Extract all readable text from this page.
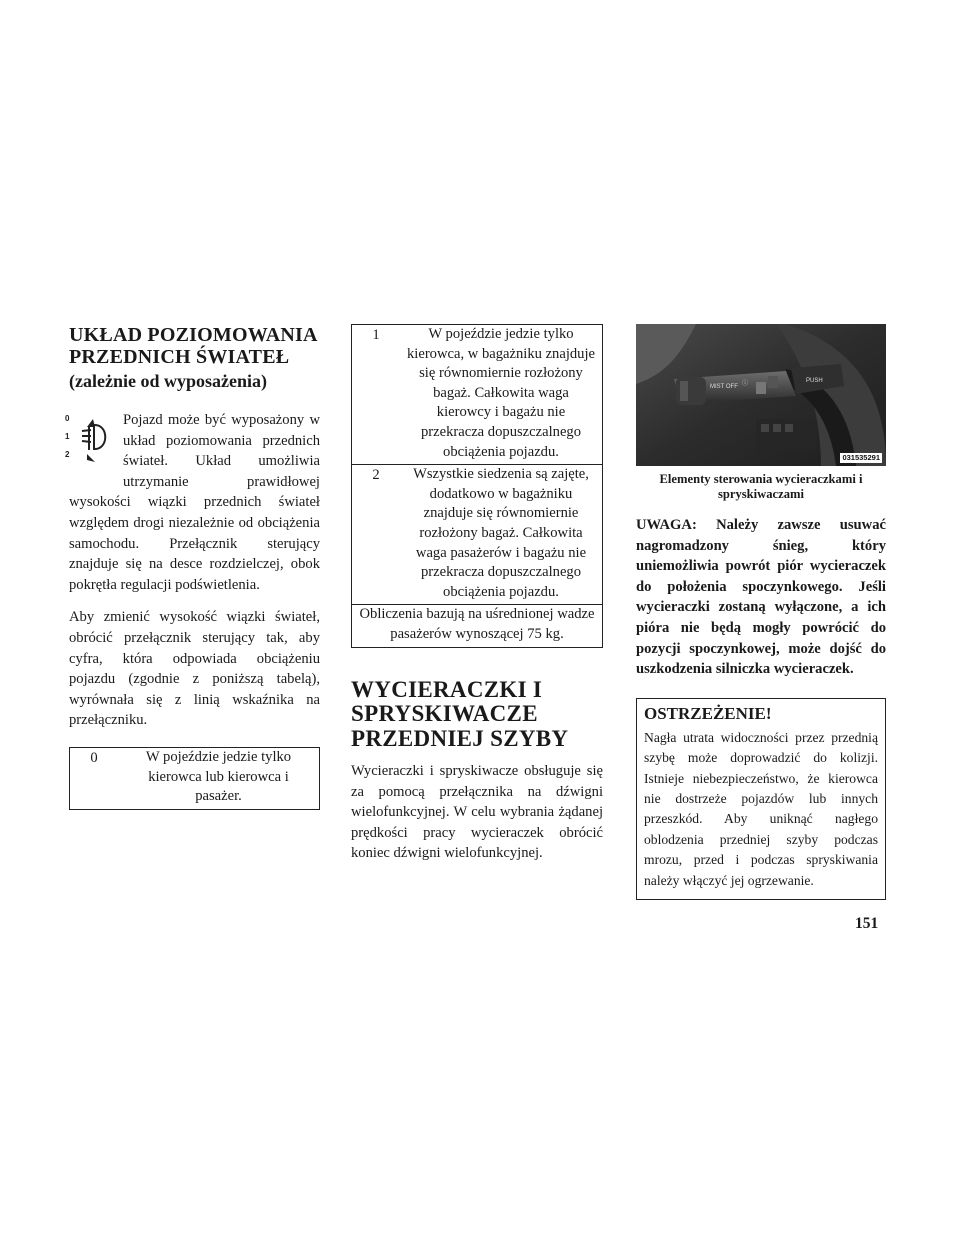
UKŁAD POZIOMOWANIA
PRZEDNICH ŚWIATEŁ
(zależnie od wyposażenia)
0
1
2

Pojazd może być wyposażony w układ poziomowania przednich świateł. Układ umożliwia utrzymanie prawidłowej wysokości wiązki przednich świateł względem drogi niezależnie od obciążenia samochodu. Przełącznik sterujący znajduje się na desce rozdzielczej, obok pokrętła regulacji podświetlenia.

Aby zmienić wysokość wiązki świateł, obrócić przełącznik sterujący tak, aby cyfra, która odpowiada obciążeniu pojazdu (zgodnie z poniższą tabelą), wyrównała się z linią wskaźnika na przełączniku.

0	W pojeździe jedzie tylko kierowca lub kierowca i pasażer.
1	W pojeździe jedzie tylko kierowca, w bagażniku znajduje się równomiernie rozłożony bagaż. Całkowita waga kierowcy i bagażu nie przekracza dopuszczalnego obciążenia pojazdu.
2	Wszystkie siedzenia są zajęte, dodatkowo w bagażniku znajduje się równomiernie rozłożony bagaż. Całkowita waga pasażerów i bagażu nie przekracza dopuszczalnego obciążenia pojazdu.
Obliczenia bazują na uśrednionej wadze pasażerów wynoszącej 75 kg.	
WYCIERACZKI I
SPRYSKIWACZE
PRZEDNIEJ SZYBY

Wycieraczki i spryskiwacze obsługuje się za pomocą przełącznika na dźwigni wielofunkcyjnej. W celu wybrania żądanej prędkości pracy wycieraczek obrócić koniec dźwigni wielofunkcyjnej.

MIST OFF ⓘ	PUSH
031535291
Elementy sterowania wycieraczkami i spryskiwaczami

UWAGA: Należy zawsze usuwać nagromadzony śnieg, który uniemożliwia powrót piór wycieraczek do położenia spoczynkowego. Jeśli wycieraczki zostaną wyłączone, a ich pióra nie będą mogły powrócić do pozycji spoczynkowej, może dojść do uszkodzenia silniczka wycieraczek.

OSTRZEŻENIE!

Nagła utrata widoczności przez przednią szybę może doprowadzić do kolizji. Istnieje niebezpieczeństwo, że kierowca nie dostrzeże pojazdów lub innych przeszkód. Aby uniknąć nagłego oblodzenia przedniej szyby podczas mrozu, przed i podczas spryskiwania należy włączyć jej ogrzewanie.

151
